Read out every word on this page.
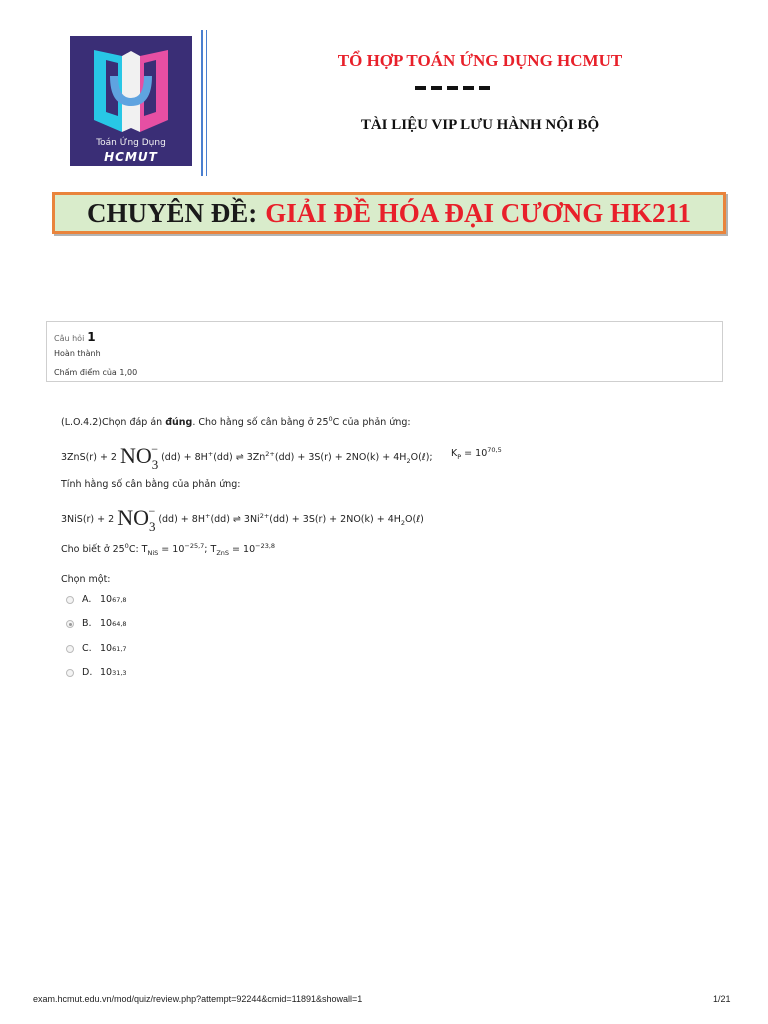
Toán Ứng Dụng
HCMUT
TỔ HỢP TOÁN ỨNG DỤNG HCMUT
TÀI LIỆU VIP LƯU HÀNH NỘI BỘ
CHUYÊN ĐỀ: GIẢI ĐỀ HÓA ĐẠI CƯƠNG HK211
Câu hỏi 1
Hoàn thành
Chấm điểm của 1,00
(L.O.4.2)Chọn đáp án đúng. Cho hằng số cân bằng ở $25^0C$ của phản ứng:
3ZnS(r) + 2 $NO_3^-$ (dd) + 8H+(dd) ⇌ $3Zn^{2+}(dd) + 3S(r) + 2NO(k)$ + $4H_2O(\ell)$; $K_P = 10^{70,5}$
Tính hằng số cân bằng của phản ứng:
3NiS(r) + 2 $NO_3^-$ (dd) + 8H+(dd) ⇌ $3Ni^{2+}(dd) + 3S(r) + 2NO(k)$ + $4H_2O(\ell)$
Cho biết ở $25^0C$: $T_{NiS} = 10^{-25,7}$; $T_{ZnS} = 10^{-23,8}$
Chọn một:
A. 10 67,8
B. 10 64,8
C. 10 61,7
D. 10 31,3
exam.hcmut.edu.vn/mod/quiz/review.php?attempt=92244&cmid=11891&showall=1	1/21
